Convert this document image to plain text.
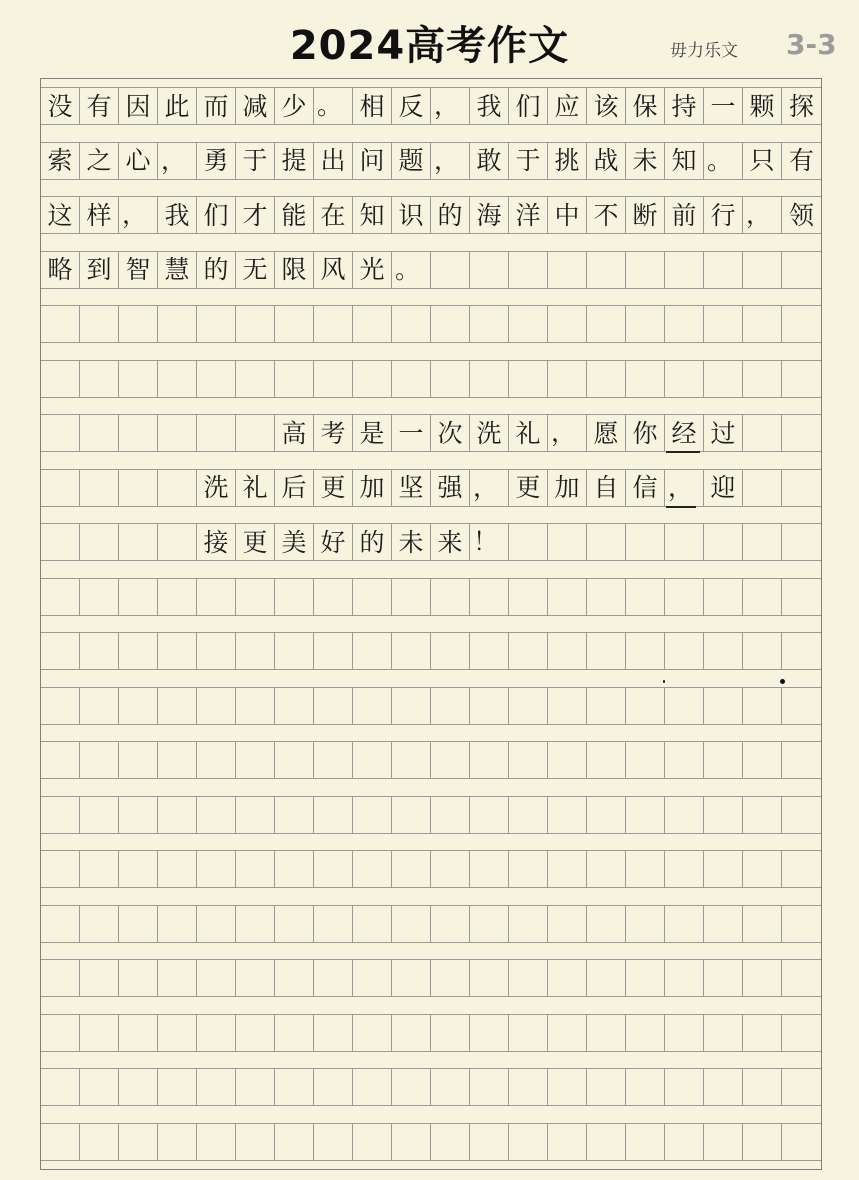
2024高考作文	毋力乐文 3-3
没 有 因 此 而 减 少 。 相 反 ， 我 们 应 该 保 持 一 颗 探
索 之 心 ， 勇 于 提 出 问 题 ， 敢 于 挑 战 未 知 。 只 有
这 样 ， 我 们 才 能 在 知 识 的 海 洋 中 不 断 前 行 ， 领
略 到 智 慧 的 无 限 风 光 。
高 考 是 一 次 洗 礼 ， 愿 你 经 过
洗 礼 后 更 加 坚 强 ， 更 加 自 信 ， 迎
接 更 美 好 的 未 来 ！
